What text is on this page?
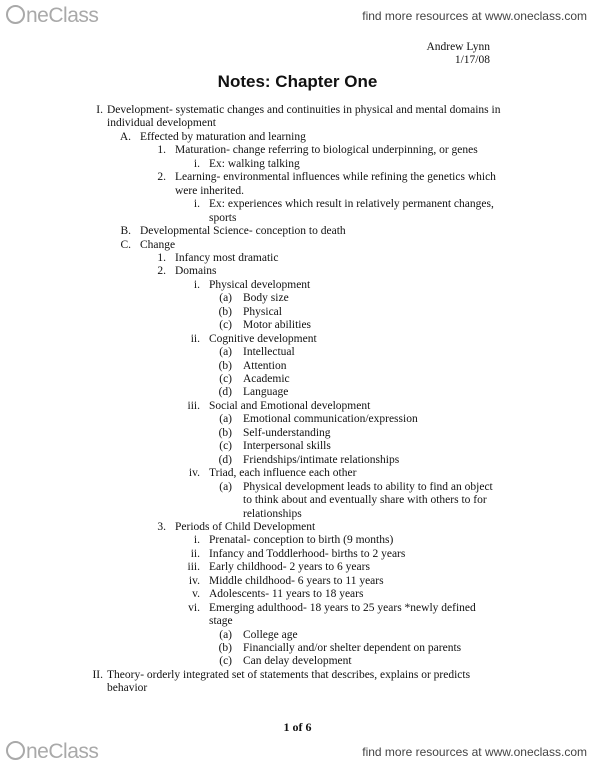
neClass	find more resources at www.oneclass.com
Andrew Lynn
1/17/08
Notes: Chapter One
I. Development- systematic changes and continuities in physical and mental domains in
individual development
A. Effected by maturation and learning
1. Maturation- change referring to biological underpinning, or genes
i. Ex: walking talking
2. Learning- environmental influences while refining the genetics which
were inherited.
i. Ex: experiences which result in relatively permanent changes,
sports
B. Developmental Science- conception to death
C. Change
1. Infancy most dramatic
2. Domains
i. Physical development
(a) Body size
(b) Physical
(c) Motor abilities
ii. Cognitive development
(a) Intellectual
(b) Attention
(c) Academic
(d) Language
iii. Social and Emotional development
(a) Emotional communication/expression
(b) Self-understanding
(c) Interpersonal skills
(d) Friendships/intimate relationships
iv. Triad, each influence each other
(a) Physical development leads to ability to find an object
to think about and eventually share with others to for
relationships
3. Periods of Child Development
i. Prenatal- conception to birth (9 months)
ii. Infancy and Toddlerhood- births to 2 years
iii. Early childhood- 2 years to 6 years
iv. Middle childhood- 6 years to 11 years
v. Adolescents- 11 years to 18 years
vi. Emerging adulthood- 18 years to 25 years *newly defined
stage
(a) College age
(b) Financially and/or shelter dependent on parents
(c) Can delay development
II. Theory- orderly integrated set of statements that describes, explains or predicts
behavior
1 of 6
neClass	find more resources at www.oneclass.com
